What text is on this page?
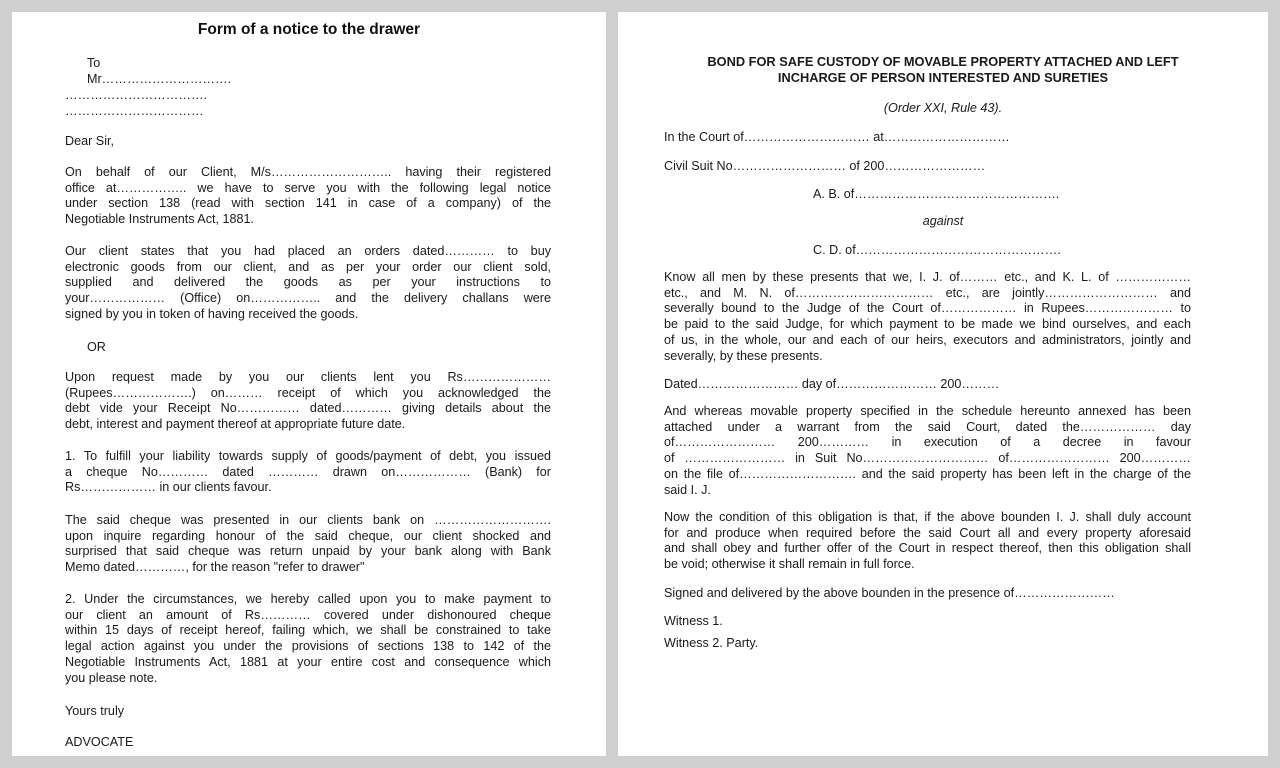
Form of a notice to the drawer
To
Mr………………………….
…………………………….
……………………………
Dear Sir,
On behalf of our Client, M/s……………………….. having their registered
office at…………….. we have to serve you with the following legal notice
under section 138 (read with section 141 in case of a company) of the
Negotiable Instruments Act, 1881.
Our client states that you had placed an orders dated………… to buy
electronic goods from our client, and as per your order our client sold,
supplied and delivered the goods as per your instructions to
your……………… (Office) on…………….. and the delivery challans were
signed by you in token of having received the goods.
OR
Upon request made by you our clients lent you Rs…………………
(Rupees……………….) on……… receipt of which you acknowledged the
debt vide your Receipt No…………… dated………… giving details about the
debt, interest and payment thereof at appropriate future date.
1. To fulfill your liability towards supply of goods/payment of debt, you issued
a cheque No………… dated ………… drawn on……………… (Bank) for
Rs……………… in our clients favour.
The said cheque was presented in our clients bank on ……………………….
upon inquire regarding honour of the said cheque, our client shocked and
surprised that said cheque was return unpaid by your bank along with Bank
Memo dated…………, for the reason "refer to drawer"
2. Under the circumstances, we hereby called upon you to make payment to
our client an amount of Rs………… covered under dishonoured cheque
within 15 days of receipt hereof, failing which, we shall be constrained to take
legal action against you under the provisions of sections 138 to 142 of the
Negotiable Instruments Act, 1881 at your entire cost and consequence which
you please note.
Yours truly
ADVOCATE
BOND FOR SAFE CUSTODY OF MOVABLE PROPERTY ATTACHED AND LEFT
INCHARGE OF PERSON INTERESTED AND SURETIES
(Order XXI, Rule 43).
In the Court of………………………… at…………………………
Civil Suit No……………………… of 200……………………
A. B. of………………………………………….
against
C. D. of………………………………………….
Know all men by these presents that we, I. J. of……… etc., and K. L. of ………………
etc., and M. N. of…………………………… etc., are jointly……………………… and
severally bound to the Judge of the Court of……………… in Rupees………………… to
be paid to the said Judge, for which payment to be made we bind ourselves, and each
of us, in the whole, our and each of our heirs, executors and administrators, jointly and
severally, by these presents.
Dated…………………… day of…………………… 200………
And whereas movable property specified in the schedule hereunto annexed has been
attached under a warrant from the said Court, dated the……………… day
of…………………… 200………… in execution of a decree in favour
of …………………… in Suit No………………………… of…………………… 200…………
on the file of………………………. and the said property has been left in the charge of the
said I. J.
Now the condition of this obligation is that, if the above bounden I. J. shall duly account
for and produce when required before the said Court all and every property aforesaid
and shall obey and further offer of the Court in respect thereof, then this obligation shall
be void; otherwise it shall remain in full force.
Signed and delivered by the above bounden in the presence of……………………
Witness 1.
Witness 2. Party.
